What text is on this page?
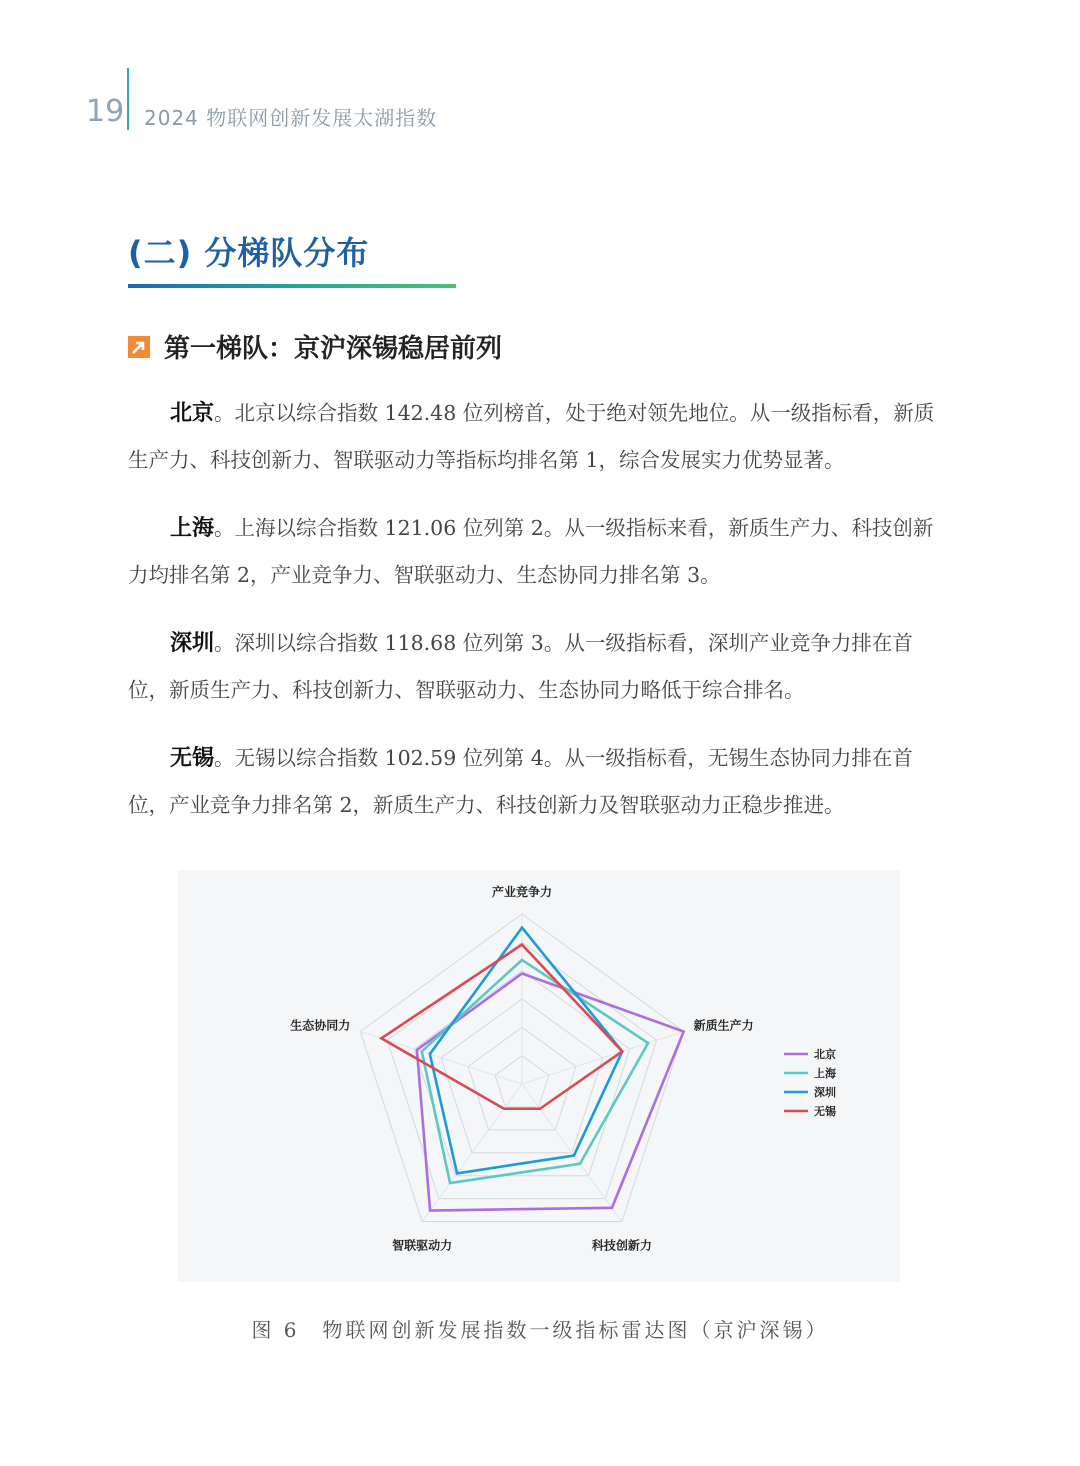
19 2024 物联网创新发展太湖指数
(二) 分梯队分布
第一梯队：京沪深锡稳居前列
北京。北京以综合指数 142.48 位列榜首，处于绝对领先地位。从一级指标看，新质生产力、科技创新力、智联驱动力等指标均排名第 1，综合发展实力优势显著。
上海。上海以综合指数 121.06 位列第 2。从一级指标来看，新质生产力、科技创新力均排名第 2，产业竞争力、智联驱动力、生态协同力排名第 3。
深圳。深圳以综合指数 118.68 位列第 3。从一级指标看，深圳产业竞争力排在首位，新质生产力、科技创新力、智联驱动力、生态协同力略低于综合排名。
无锡。无锡以综合指数 102.59 位列第 4。从一级指标看，无锡生态协同力排在首位，产业竞争力排名第 2，新质生产力、科技创新力及智联驱动力正稳步推进。
产业竞争力
新质生产力
科技创新力
智联驱动力
生态协同力
北京
上海
深圳
无锡
图 6　物联网创新发展指数一级指标雷达图（京沪深锡）
